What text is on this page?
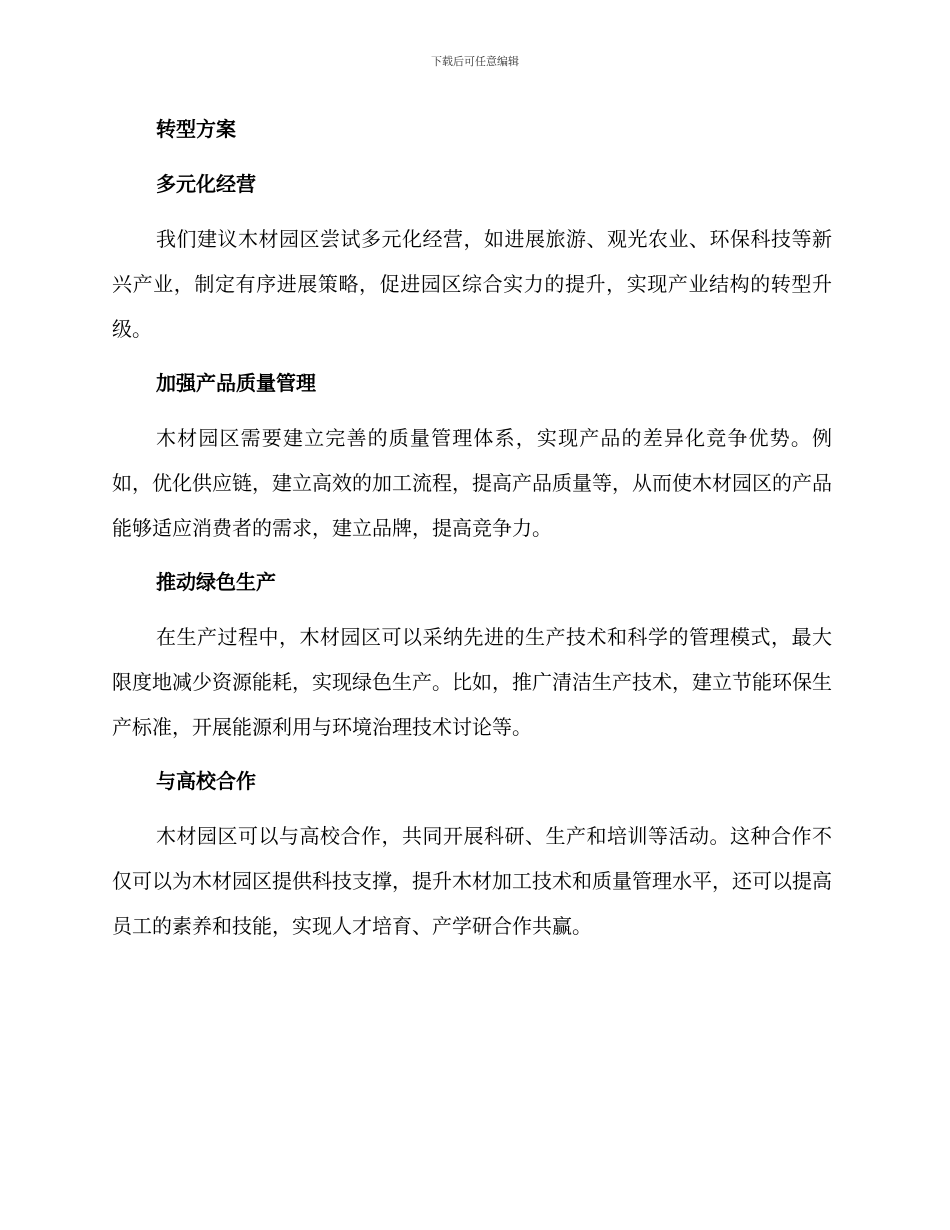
下载后可任意编辑
转型方案
多元化经营

我们建议木材园区尝试多元化经营，如进展旅游、观光农业、环保科技等新兴产业，制定有序进展策略，促进园区综合实力的提升，实现产业结构的转型升级。

加强产品质量管理

木材园区需要建立完善的质量管理体系，实现产品的差异化竞争优势。例如，优化供应链，建立高效的加工流程，提高产品质量等，从而使木材园区的产品能够适应消费者的需求，建立品牌，提高竞争力。

推动绿色生产

在生产过程中，木材园区可以采纳先进的生产技术和科学的管理模式，最大限度地减少资源能耗，实现绿色生产。比如，推广清洁生产技术，建立节能环保生产标准，开展能源利用与环境治理技术讨论等。

与高校合作

木材园区可以与高校合作，共同开展科研、生产和培训等活动。这种合作不仅可以为木材园区提供科技支撑，提升木材加工技术和质量管理水平，还可以提高员工的素养和技能，实现人才培育、产学研合作共赢。
